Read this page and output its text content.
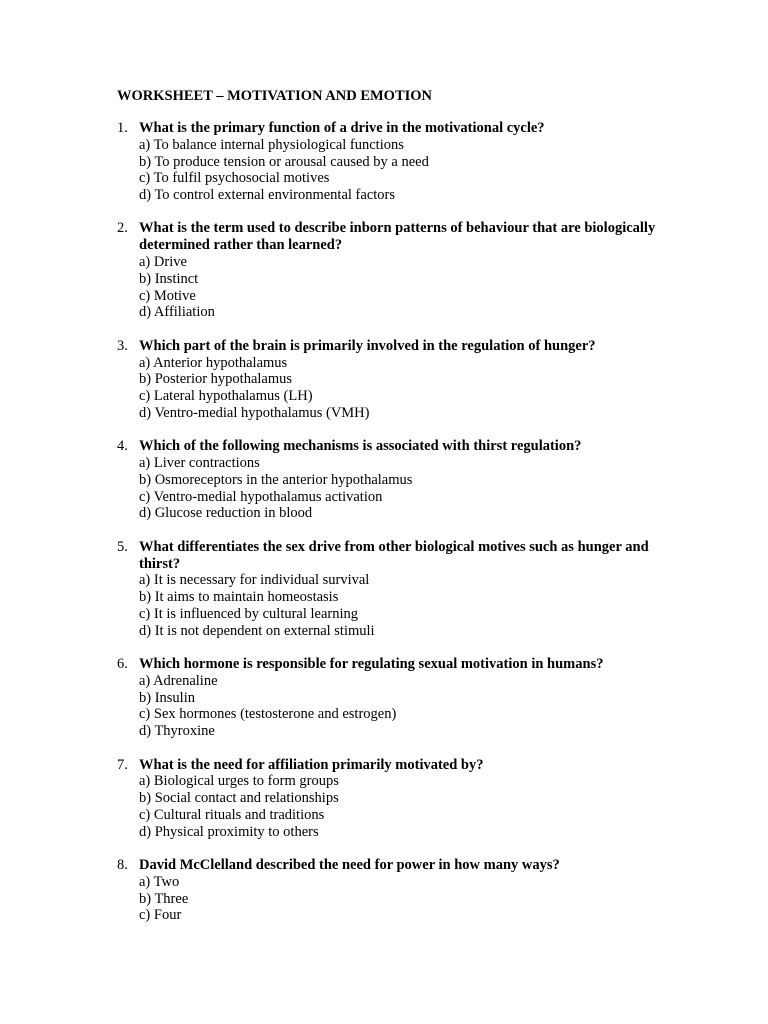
WORKSHEET – MOTIVATION AND EMOTION
1. What is the primary function of a drive in the motivational cycle?
a) To balance internal physiological functions
b) To produce tension or arousal caused by a need
c) To fulfil psychosocial motives
d) To control external environmental factors
2. What is the term used to describe inborn patterns of behaviour that are biologically determined rather than learned?
a) Drive
b) Instinct
c) Motive
d) Affiliation
3. Which part of the brain is primarily involved in the regulation of hunger?
a) Anterior hypothalamus
b) Posterior hypothalamus
c) Lateral hypothalamus (LH)
d) Ventro-medial hypothalamus (VMH)
4. Which of the following mechanisms is associated with thirst regulation?
a) Liver contractions
b) Osmoreceptors in the anterior hypothalamus
c) Ventro-medial hypothalamus activation
d) Glucose reduction in blood
5. What differentiates the sex drive from other biological motives such as hunger and thirst?
a) It is necessary for individual survival
b) It aims to maintain homeostasis
c) It is influenced by cultural learning
d) It is not dependent on external stimuli
6. Which hormone is responsible for regulating sexual motivation in humans?
a) Adrenaline
b) Insulin
c) Sex hormones (testosterone and estrogen)
d) Thyroxine
7. What is the need for affiliation primarily motivated by?
a) Biological urges to form groups
b) Social contact and relationships
c) Cultural rituals and traditions
d) Physical proximity to others
8. David McClelland described the need for power in how many ways?
a) Two
b) Three
c) Four
